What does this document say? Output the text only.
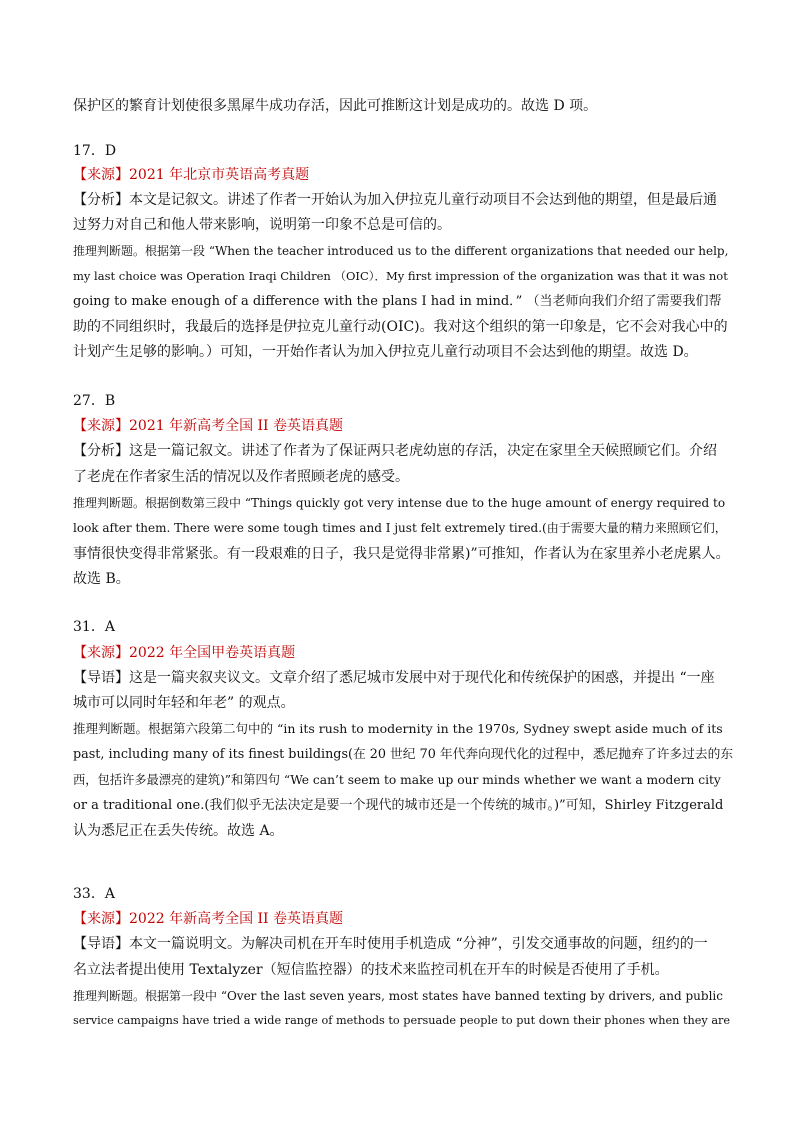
保护区的繁育计划使很多黑犀牛成功存活，因此可推断这计划是成功的。故选 D 项。
17．D
【来源】2021 年北京市英语高考真题
【分析】本文是记叙文。讲述了作者一开始认为加入伊拉克儿童行动项目不会达到他的期望，但是最后通
过努力对自己和他人带来影响，说明第一印象不总是可信的。
推理判断题。根据第一段 “When the teacher introduced us to the different organizations that needed our help,
my last choice was Operation Iraqi Children （OIC）．My first impression of the organization was that it was not
going to make enough of a difference with the plans I had in mind．” （当老师向我们介绍了需要我们帮
助的不同组织时，我最后的选择是伊拉克儿童行动(OIC)。我对这个组织的第一印象是，它不会对我心中的
计划产生足够的影响。）可知，一开始作者认为加入伊拉克儿童行动项目不会达到他的期望。故选 D。
27．B
【来源】2021 年新高考全国 II 卷英语真题
【分析】这是一篇记叙文。讲述了作者为了保证两只老虎幼崽的存活，决定在家里全天候照顾它们。介绍
了老虎在作者家生活的情况以及作者照顾老虎的感受。
推理判断题。根据倒数第三段中 “Things quickly got very intense due to the huge amount of energy required to
look after them. There were some tough times and I just felt extremely tired.(由于需要大量的精力来照顾它们，
事情很快变得非常紧张。有一段艰难的日子，我只是觉得非常累)”可推知，作者认为在家里养小老虎累人。
故选 B。
31．A
【来源】2022 年全国甲卷英语真题
【导语】这是一篇夹叙夹议文。文章介绍了悉尼城市发展中对于现代化和传统保护的困惑，并提出 “一座
城市可以同时年轻和年老” 的观点。
推理判断题。根据第六段第二句中的 “in its rush to modernity in the 1970s, Sydney swept aside much of its
past, including many of its finest buildings(在 20 世纪 70 年代奔向现代化的过程中，悉尼抛弃了许多过去的东
西，包括许多最漂亮的建筑)”和第四句 “We can’t seem to make up our minds whether we want a modern city
or a traditional one.(我们似乎无法决定是要一个现代的城市还是一个传统的城市。)”可知，Shirley Fitzgerald
认为悉尼正在丢失传统。故选 A。
33．A
【来源】2022 年新高考全国 II 卷英语真题
【导语】本文一篇说明文。为解决司机在开车时使用手机造成 “分神”，引发交通事故的问题，纽约的一
名立法者提出使用 Textalyzer（短信监控器）的技术来监控司机在开车的时候是否使用了手机。
推理判断题。根据第一段中 “Over the last seven years, most states have banned texting by drivers, and public
service campaigns have tried a wide range of methods to persuade people to put down their phones when they are
